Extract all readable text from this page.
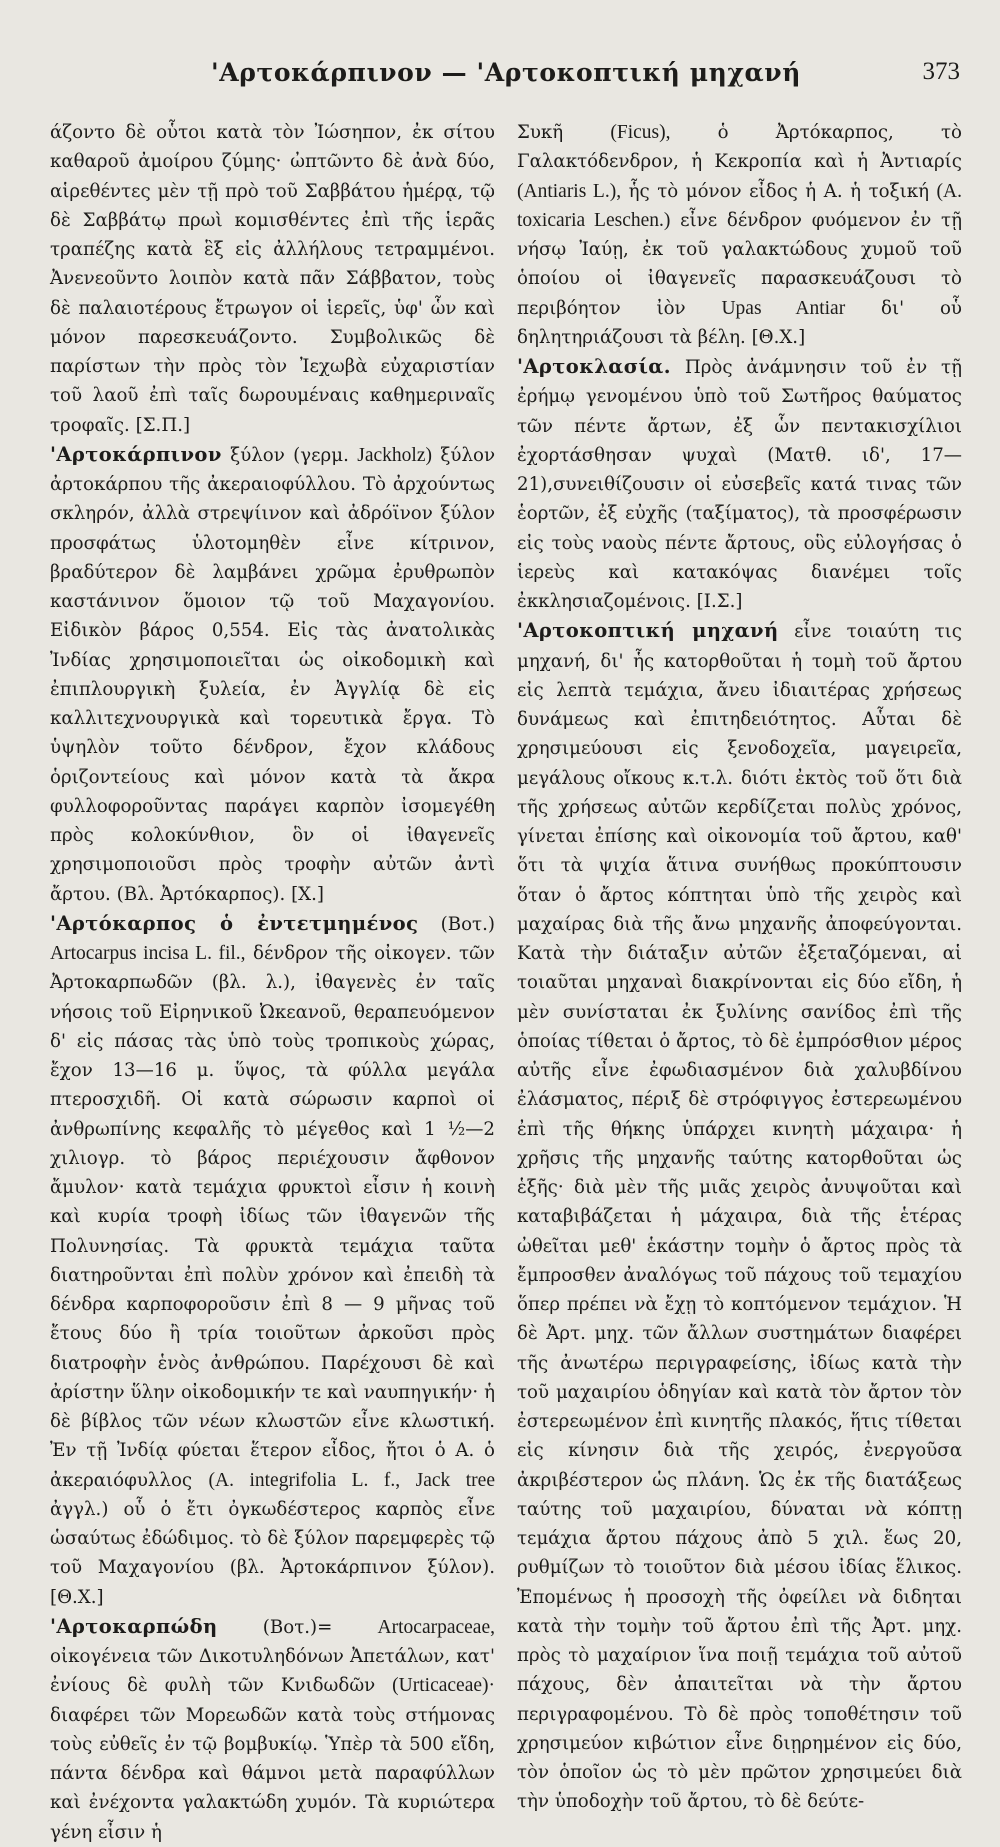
'Αρτοκάρπινον — 'Αρτοκοπτική μηχανή	373

άζοντο δὲ οὗτοι κατὰ τὸν Ἰώσηπον, ἐκ σίτου καθαροῦ ἀμοίρου ζύμης· ὠπτῶντο δὲ ἀνὰ δύο, αἱρεθέντες μὲν τῇ πρὸ τοῦ Σαββάτου ἡμέρᾳ, τῷ δὲ Σαββάτῳ πρωὶ κομισθέντες ἐπὶ τῆς ἱερᾶς τραπέζης κατὰ ἓξ εἰς ἀλλήλους τετραμμένοι. Ἀνενεοῦντο λοιπὸν κατὰ πᾶν Σάββατον, τοὺς δὲ παλαιοτέρους ἔτρωγον οἱ ἱερεῖς, ὑφ' ὧν καὶ μόνον παρεσκευάζοντο. Συμβολικῶς δὲ παρίστων τὴν πρὸς τὸν Ἰεχωβὰ εὐχαριστίαν τοῦ λαοῦ ἐπὶ ταῖς δωρουμέναις καθημεριναῖς τροφαῖς. [Σ.Π.]

'Αρτοκάρπινον ξύλον (γερμ. Jackholz) ξύλον ἀρτοκάρπου τῆς ἀκεραιοφύλλου. Τὸ ἀρχούντως σκληρόν, ἀλλὰ στρεψίινον καὶ ἀδρόϊνον ξύλον προσφάτως ὑλοτομηθὲν εἶνε κίτρινον, βραδύτερον δὲ λαμβάνει χρῶμα ἐρυθρωπὸν καστάνινον ὅμοιον τῷ τοῦ Μαχαγονίου. Εἰδικὸν βάρος 0,554. Εἰς τὰς ἀνατολικὰς Ἰνδίας χρησιμοποιεῖται ὡς οἰκοδομικὴ καὶ ἐπιπλουργικὴ ξυλεία, ἐν Ἀγγλίᾳ δὲ εἰς καλλιτεχνουργικὰ καὶ τορευτικὰ ἔργα. Τὸ ὑψηλὸν τοῦτο δένδρον, ἔχον κλάδους ὁριζοντείους καὶ μόνον κατὰ τὰ ἄκρα φυλλοφοροῦντας παράγει καρπὸν ἰσομεγέθη πρὸς κολοκύνθιον, ὃν οἱ ἰθαγενεῖς χρησιμοποιοῦσι πρὸς τροφὴν αὐτῶν ἀντὶ ἄρτου. (Βλ. Ἀρτόκαρπος). [Χ.]

'Αρτόκαρπος ὁ ἐντετμημένος (Βοτ.) Artocarpus incisa L. fil., δένδρον τῆς οἰκογεν. τῶν Ἀρτοκαρπωδῶν (βλ. λ.), ἰθαγενὲς ἐν ταῖς νήσοις τοῦ Εἰρηνικοῦ Ὠκεανοῦ, θεραπευόμενον δ' εἰς πάσας τὰς ὑπὸ τοὺς τροπικοὺς χώρας, ἔχον 13—16 μ. ὕψος, τὰ φύλλα μεγάλα πτεροσχιδῆ. Οἱ κατὰ σώρωσιν καρποὶ οἱ ἀνθρωπίνης κεφαλῆς τὸ μέγεθος καὶ 1 ½—2 χιλιογρ. τὸ βάρος περιέχουσιν ἄφθονον ἄμυλον· κατὰ τεμάχια φρυκτοὶ εἶσιν ἡ κοινὴ καὶ κυρία τροφὴ ἰδίως τῶν ἰθαγενῶν τῆς Πολυνησίας. Τὰ φρυκτὰ τεμάχια ταῦτα διατηροῦνται ἐπὶ πολὺν χρόνον καὶ ἐπειδὴ τὰ δένδρα καρποφοροῦσιν ἐπὶ 8 — 9 μῆνας τοῦ ἔτους δύο ἢ τρία τοιοῦτων ἀρκοῦσι πρὸς διατροφὴν ἑνὸς ἀνθρώπου. Παρέχουσι δὲ καὶ ἀρίστην ὕλην οἰκοδομικήν τε καὶ ναυπηγικήν· ἡ δὲ βίβλος τῶν νέων κλωστῶν εἶνε κλωστική. Ἐν τῇ Ἰνδίᾳ φύεται ἕτερον εἶδος, ἤτοι ὁ Α. ὁ ἀκεραιόφυλλος (A. integrifolia L. f., Jack tree ἀγγλ.) οὗ ὁ ἔτι ὀγκωδέστερος καρπὸς εἶνε ὡσαύτως ἐδώδιμος. τὸ δὲ ξύλον παρεμφερὲς τῷ τοῦ Μαχαγονίου (βλ. Ἀρτοκάρπινον ξύλον). [Θ.Χ.]

'Αρτοκαρπώδη (Βοτ.)= Artocarpaceae, οἰκογένεια τῶν Δικοτυληδόνων Ἀπετάλων, κατ' ἐνίους δὲ φυλὴ τῶν Κνιδωδῶν (Urticaceae)· διαφέρει τῶν Μορεωδῶν κατὰ τοὺς στήμονας τοὺς εὐθεῖς ἐν τῷ βομβυκίῳ. Ὑπὲρ τὰ 500 εἴδη, πάντα δένδρα καὶ θάμνοι μετὰ παραφύλλων καὶ ἐνέχοντα γαλακτώδη χυμόν. Τὰ κυριώτερα γένη εἶσιν ἡ

Συκῆ (Ficus),	ὁ Ἀρτόκαρπος, τὸ Γαλακτόδενδρον, ἡ Κεκροπία καὶ ἡ Ἀντιαρίς (Antiaris L.), ἧς τὸ μόνον εἶδος ἡ Α. ἡ τοξική (A. toxicaria Leschen.) εἶνε δένδρον φυόμενον ἐν τῇ νήσῳ Ἰαύῃ, ἐκ τοῦ γαλακτώδους χυμοῦ τοῦ ὁποίου οἱ ἰθαγενεῖς παρασκευάζουσι τὸ περιβόητον ἰὸν Upas Antiar δι' οὗ δηλητηριάζουσι τὰ βέλη. [Θ.Χ.]

'Αρτοκλασία. Πρὸς ἀνάμνησιν τοῦ ἐν τῇ ἐρήμῳ γενομένου ὑπὸ τοῦ Σωτῆρος θαύματος τῶν πέντε ἄρτων, ἐξ ὧν πεντακισχίλιοι ἐχορτάσθησαν ψυχαὶ (Ματθ. ιδ', 17—21),συνειθίζουσιν οἱ εὐσεβεῖς κατά τινας τῶν ἑορτῶν, ἐξ εὐχῆς (ταξίματος), τὰ προσφέρωσιν εἰς τοὺς ναοὺς πέντε ἄρτους, οὓς εὐλογήσας ὁ ἱερεὺς καὶ κατακόψας διανέμει τοῖς ἐκκλησιαζομένοις. [Ι.Σ.]

'Αρτοκοπτική μηχανή εἶνε τοιαύτη τις μηχανή, δι' ἧς κατορθοῦται ἡ τομὴ τοῦ ἄρτου εἰς λεπτὰ τεμάχια, ἄνευ ἰδιαιτέρας χρήσεως δυνάμεως καὶ ἐπιτηδειότητος. Αὗται δὲ χρησιμεύουσι εἰς ξενοδοχεῖα, μαγειρεῖα, μεγάλους οἴκους κ.τ.λ. διότι ἐκτὸς τοῦ ὅτι διὰ τῆς χρήσεως αὐτῶν κερδίζεται πολὺς χρόνος, γίνεται ἐπίσης καὶ οἰκονομία τοῦ ἄρτου, καθ' ὅτι τὰ ψιχία ἅτινα συνήθως προκύπτουσιν ὅταν ὁ ἄρτος κόπτηται ὑπὸ τῆς χειρὸς καὶ μαχαίρας διὰ τῆς ἄνω μηχανῆς ἀποφεύγονται. Κατὰ τὴν διάταξιν αὐτῶν ἐξεταζόμεναι, αἱ τοιαῦται μηχαναὶ διακρίνονται εἰς δύο εἴδη, ἡ μὲν συνίσταται ἐκ ξυλίνης σανίδος ἐπὶ τῆς ὁποίας τίθεται ὁ ἄρτος, τὸ δὲ ἐμπρόσθιον μέρος αὐτῆς εἶνε ἐφωδιασμένον διὰ χαλυβδίνου ἐλάσματος, πέριξ δὲ στρόφιγγος ἐστερεωμένου ἐπὶ τῆς θήκης ὑπάρχει κινητὴ μάχαιρα· ἡ χρῆσις τῆς μηχανῆς ταύτης κατορθοῦται ὡς ἑξῆς· διὰ μὲν τῆς μιᾶς χειρὸς ἀνυψοῦται καὶ καταβιβάζεται ἡ μάχαιρα, διὰ τῆς ἑτέρας ὠθεῖται μεθ' ἑκάστην τομὴν ὁ ἄρτος πρὸς τὰ ἔμπροσθεν ἀναλόγως τοῦ πάχους τοῦ τεμαχίου ὅπερ πρέπει νὰ ἔχῃ τὸ κοπτόμενον τεμάχιον. Ἡ δὲ Ἀρτ. μηχ. τῶν ἄλλων συστημάτων διαφέρει τῆς ἀνωτέρω περιγραφείσης, ἰδίως κατὰ τὴν τοῦ μαχαιρίου ὁδηγίαν καὶ κατὰ τὸν ἄρτον τὸν ἐστερεωμένον ἐπὶ κινητῆς πλακός, ἥτις τίθεται εἰς κίνησιν διὰ τῆς χειρός, ἐνεργοῦσα ἀκριβέστερον ὡς πλάνη. Ὡς ἐκ τῆς διατάξεως ταύτης τοῦ μαχαιρίου, δύναται νὰ κόπτῃ τεμάχια ἄρτου πάχους ἀπὸ 5 χιλ. ἕως 20, ρυθμίζων τὸ τοιοῦτον διὰ μέσου ἰδίας ἕλικος. Ἐπομένως ἡ προσοχὴ τῆς ὀφείλει νὰ διδηται κατὰ τὴν τομὴν τοῦ ἄρτου ἐπὶ τῆς Ἀρτ. μηχ. πρὸς τὸ μαχαίριον ἵνα ποιῇ τεμάχια τοῦ αὐτοῦ πάχους, δὲν ἀπαιτεῖται νὰ τὴν ἄρτου περιγραφομένου. Τὸ δὲ πρὸς τοποθέτησιν τοῦ χρησιμεύον κιβώτιον εἶνε διῃρημένον εἰς δύο, τὸν ὁποῖον ὡς τὸ μὲν πρῶτον χρησιμεύει διὰ τὴν ὑποδοχὴν τοῦ ἄρτου, τὸ δὲ δεύτε-
